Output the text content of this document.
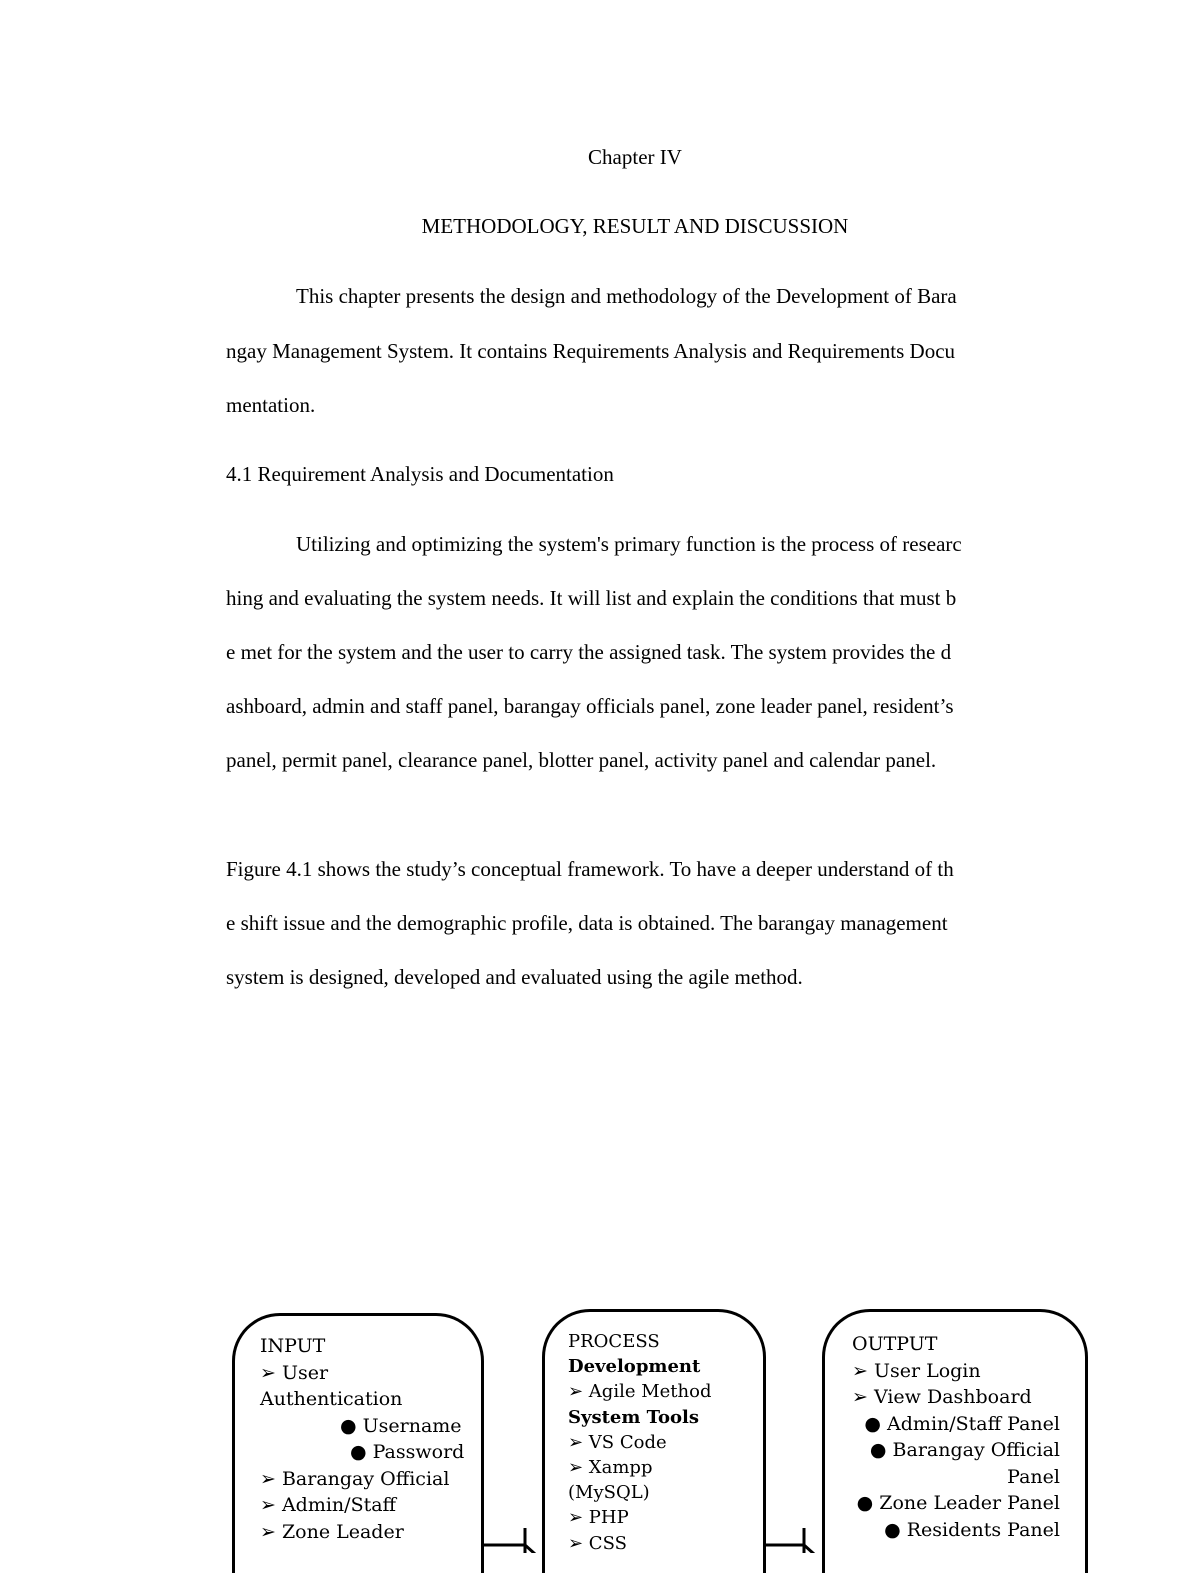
Chapter IV
METHODOLOGY, RESULT AND DISCUSSION
This chapter presents the design and methodology of the Development of Bara
ngay Management System. It contains Requirements Analysis and Requirements Docu
mentation.
4.1 Requirement Analysis and Documentation
Utilizing and optimizing the system's primary function is the process of researc
hing and evaluating the system needs. It will list and explain the conditions that must b
e met for the system and the user to carry the assigned task. The system provides the d
ashboard, admin and staff panel, barangay officials panel, zone leader panel, resident’s
panel, permit panel, clearance panel, blotter panel, activity panel and calendar panel.
Figure 4.1 shows the study’s conceptual framework. To have a deeper understand of th
e shift issue and the demographic profile, data is obtained. The barangay management
system is designed, developed and evaluated using the agile method.
INPUT
➢ User
Authentication
● Username
● Password
➢ Barangay Official
➢ Admin/Staff
➢ Zone Leader
PROCESS
Development
➢ Agile Method
System Tools
➢ VS Code
➢ Xampp
(MySQL)
➢ PHP
➢ CSS
OUTPUT
➢ User Login
➢ View Dashboard
● Admin/Staff Panel
● Barangay Official
Panel
● Zone Leader Panel
● Residents Panel
